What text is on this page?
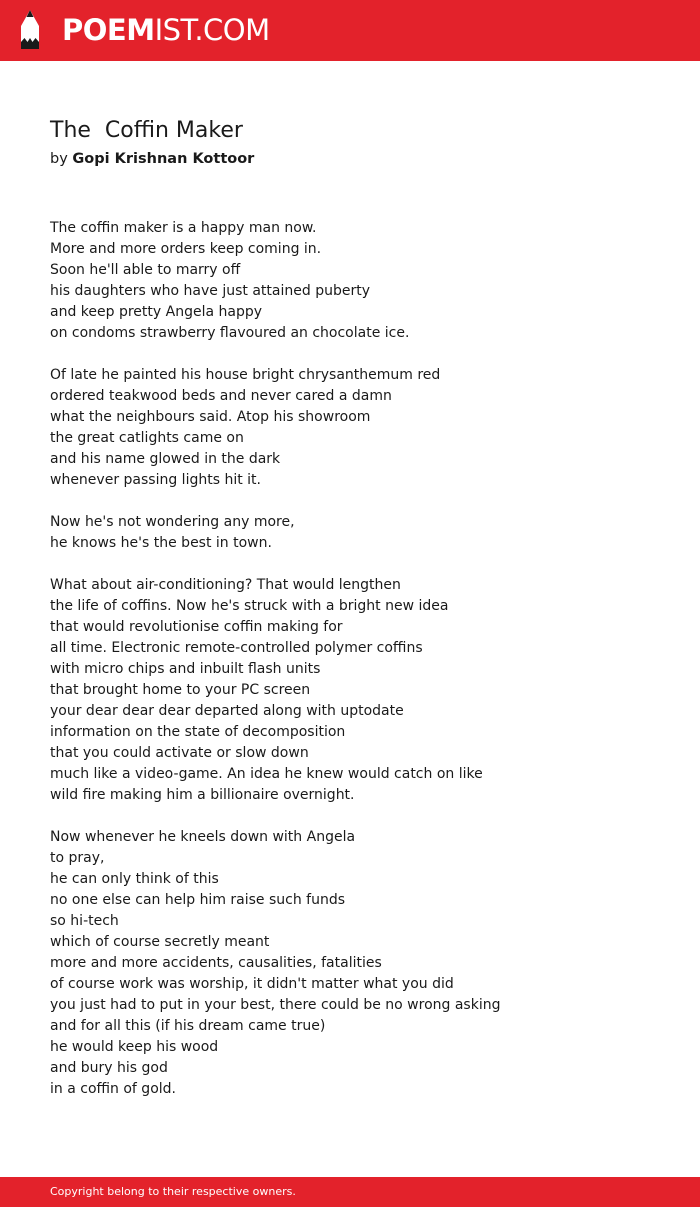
POEMIST.COM
The  Coffin Maker
by Gopi Krishnan Kottoor
The coffin maker is a happy man now.
More and more orders keep coming in.
Soon he'll able to marry off
his daughters who have just attained puberty
and keep pretty Angela happy
on condoms strawberry flavoured an chocolate ice.
Of late he painted his house bright chrysanthemum red
ordered teakwood beds and never cared a damn
what the neighbours said. Atop his showroom
the great catlights came on
and his name glowed in the dark
whenever passing lights hit it.
Now he's not wondering any more,
he knows he's the best in town.
What about air-conditioning? That would lengthen
the life of coffins. Now he's struck with a bright new idea
that would revolutionise coffin making for
all time. Electronic remote-controlled polymer coffins
with micro chips and inbuilt flash units
that brought home to your PC screen
your dear dear dear departed along with uptodate
information on the state of decomposition
that you could activate or slow down
much like a video-game. An idea he knew would catch on like
wild fire making him a billionaire overnight.
Now whenever he kneels down with Angela
to pray,
he can only think of this
no one else can help him raise such funds
so hi-tech
which of course secretly meant
more and more accidents, causalities, fatalities
of course work was worship, it didn't matter what you did
you just had to put in your best, there could be no wrong asking
and for all this (if his dream came true)
he would keep his wood
and bury his god
in a coffin of gold.
Copyright belong to their respective owners.
